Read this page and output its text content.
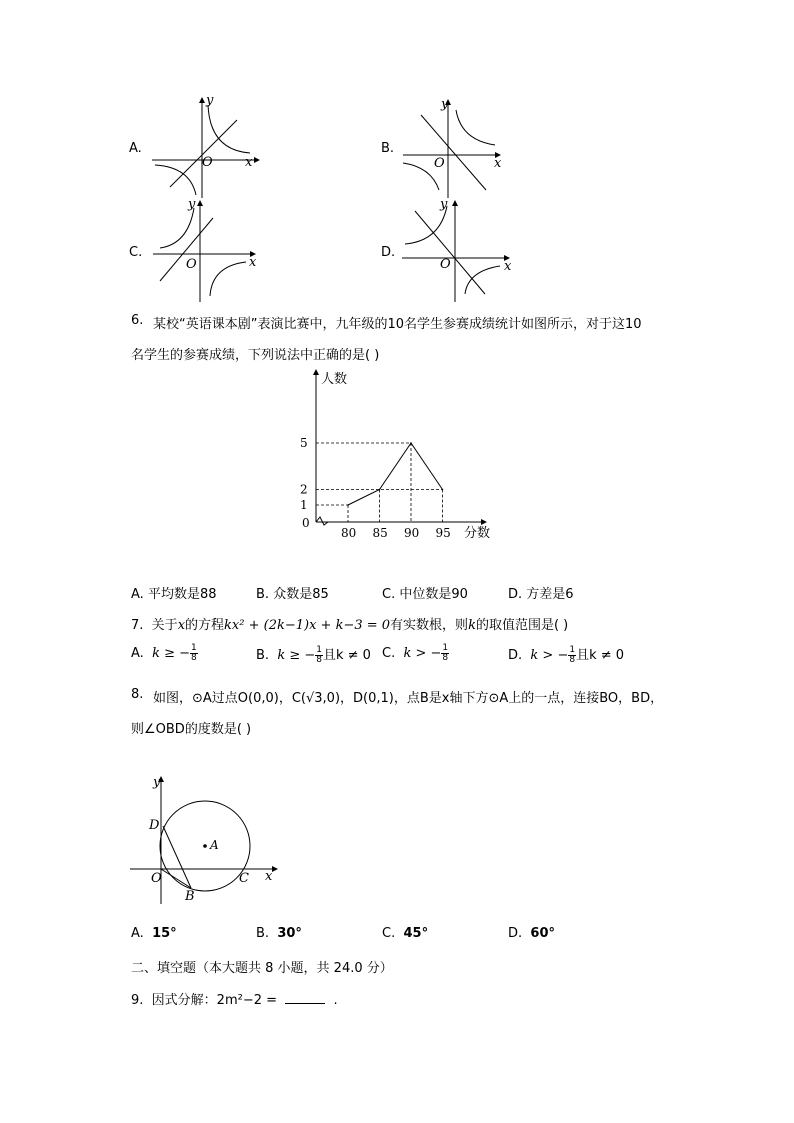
A.
y
x
O
B.
y
x
O
C.
y
x
O
D.
y
x
O
6. 某校“英语课本剧”表演比赛中，九年级的10名学生参赛成绩统计如图所示，对于这10
名学生的参赛成绩，下列说法中正确的是( )
0
人数
分数
80 85 90 95
1
2
5
A. 平均数是88	B. 众数是85	C. 中位数是90	D. 方差是6
7. 关于x的方程kx² + (2k−1)x + k−3 = 0有实数根，则k的取值范围是( )
A. k ≥ − $\frac{1}{8}$	B. k ≥ − $\frac{1}{8}$ 且k ≠ 0 C. k > − $\frac{1}{8}$	D. k > − $\frac{1}{8}$ 且k ≠ 0
8. 如图，⊙A过点O(0,0)，C(√3,0)，D(0,1)，点B是x轴下方⊙A上的一点，连接BO，BD，
则∠OBD的度数是( )
y
D
A
O	C x
B
A. 15°	B. 30°	C. 45°	D. 60°
二、填空题（本大题共 8 小题，共 24.0 分）
9. 因式分解：2m²−2 =	.
